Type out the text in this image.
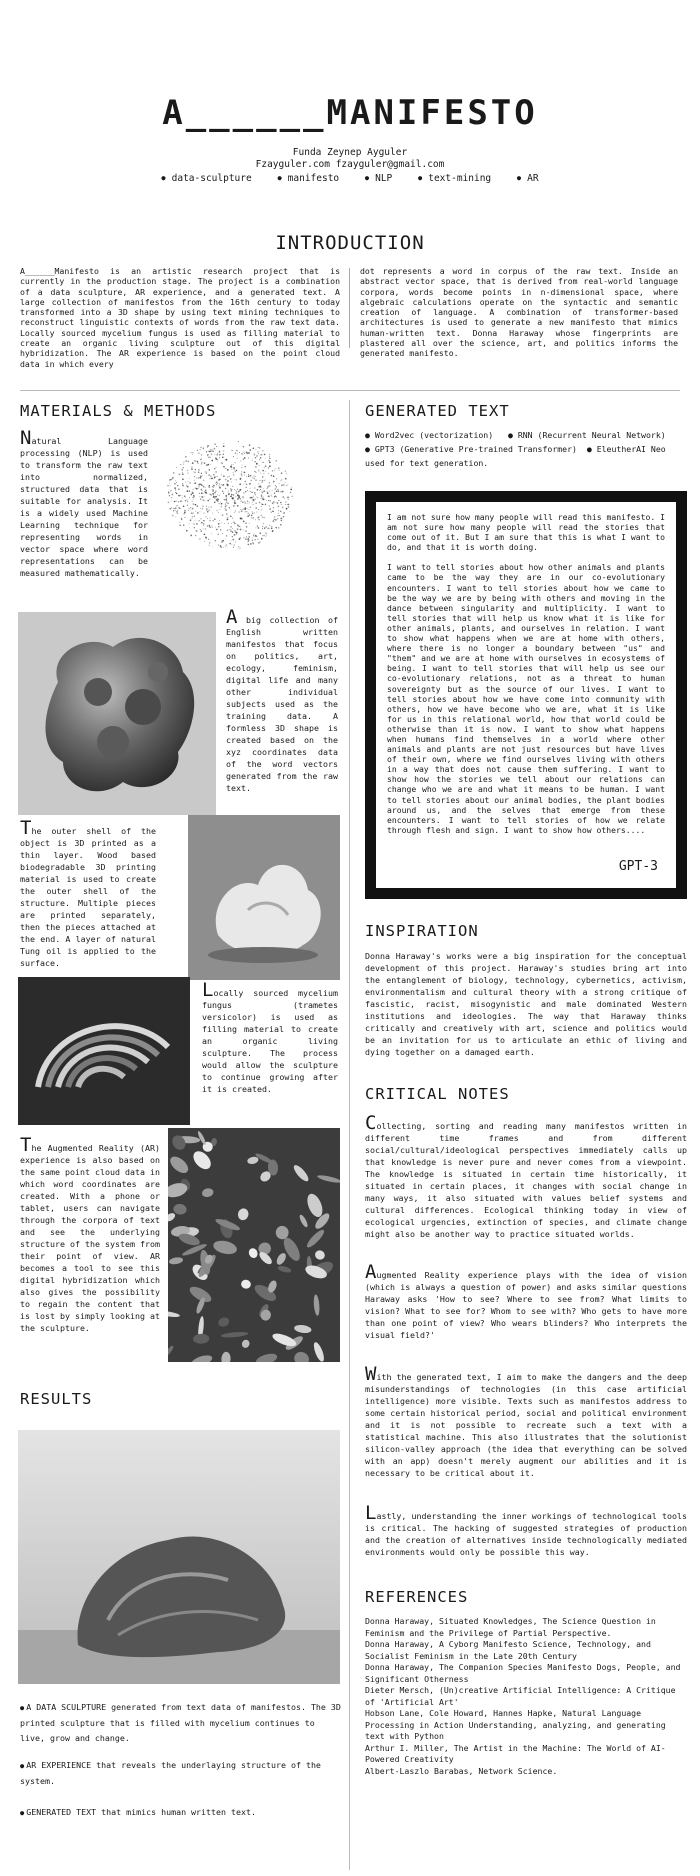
A______MANIFESTO
Funda Zeynep Ayguler
Fzayguler.com fzayguler@gmail.com
● data-sculpture	● manifesto	● NLP	● text-mining	● AR
INTRODUCTION
A______Manifesto is an artistic research project that is currently in the production stage. The project is a combination of a data sculpture, AR experience, and a generated text. A large collection of manifestos from the 16th century to today transformed into a 3D shape by using text mining techniques to reconstruct linguistic contexts of words from the raw text data. Locally sourced mycelium fungus is used as filling material to create an organic living sculpture out of this digital hybridization. The AR experience is based on the point cloud data in which every
dot represents a word in corpus of the raw text. Inside an abstract vector space, that is derived from real-world language corpora, words become points in n-dimensional space, where algebraic calculations operate on the syntactic and semantic creation of language. A combination of transformer-based architectures is used to generate a new manifesto that mimics human-written text. Donna Haraway whose fingerprints are plastered all over the science, art, and politics informs the generated manifesto.
MATERIALS & METHODS
Natural Language processing (NLP) is used to transform the raw text into normalized, structured data that is suitable for analysis. It is a widely used Machine Learning technique for representing words in vector space where word representations can be measured mathematically.
A big collection of English written manifestos that focus on politics, art, ecology, feminism, digital life and many other individual subjects used as the training data. A formless 3D shape is created based on the xyz coordinates data of the word vectors generated from the raw text.
The outer shell of the object is 3D printed as a thin layer. Wood based biodegradable 3D printing material is used to create the outer shell of the structure. Multiple pieces are printed separately, then the pieces attached at the end. A layer of natural Tung oil is applied to the surface.
Locally sourced mycelium fungus (trametes versicolor) is used as filling material to create an organic living sculpture. The process would allow the sculpture to continue growing after it is created.
The Augmented Reality (AR) experience is also based on the same point cloud data in which word coordinates are created. With a phone or tablet, users can navigate through the corpora of text and see the underlying structure of the system from their point of view. AR becomes a tool to see this digital hybridization which also gives the possibility to regain the content that is lost by simply looking at the sculpture.
RESULTS
● A DATA SCULPTURE generated from text data of manifestos. The 3D printed sculpture that is filled with mycelium continues to live, grow and change.
● AR EXPERIENCE that reveals the underlaying structure of the system.
● GENERATED TEXT that mimics human written text.
GENERATED TEXT
● Word2vec (vectorization) ● RNN (Recurrent Neural Network)
● GPT3 (Generative Pre-trained Transformer) ● EleutherAI Neo used for text generation.

I am not sure how many people will read this manifesto. I am not sure how many people will read the stories that come out of it. But I am sure that this is what I want to do, and that it is worth doing.

I want to tell stories about how other animals and plants came to be the way they are in our co-evolutionary encounters. I want to tell stories about how we came to be the way we are by being with others and moving in the dance between singularity and multiplicity. I want to tell stories that will help us know what it is like for other animals, plants, and ourselves in relation. I want to show what happens when we are at home with others, where there is no longer a boundary between "us" and "them" and we are at home with ourselves in ecosystems of being. I want to tell stories that will help us see our co-evolutionary relations, not as a threat to human sovereignty but as the source of our lives. I want to tell stories about how we have come into community with others, how we have become who we are, what it is like for us in this relational world, how that world could be otherwise than it is now. I want to show what happens when humans find themselves in a world where other animals and plants are not just resources but have lives of their own, where we find ourselves living with others in a way that does not cause them suffering. I want to show how the stories we tell about our relations can change who we are and what it means to be human. I want to tell stories about our animal bodies, the plant bodies around us, and the selves that emerge from these encounters. I want to tell stories of how we relate through flesh and sign. I want to show how others....

GPT-3
INSPIRATION
Donna Haraway's works were a big inspiration for the conceptual development of this project. Haraway's studies bring art into the entanglement of biology, technology, cybernetics, activism, environmentalism and cultural theory with a strong critique of fascistic, racist, misogynistic and male dominated Western institutions and ideologies. The way that Haraway thinks critically and creatively with art, science and politics would be an invitation for us to articulate an ethic of living and dying together on a damaged earth.
CRITICAL NOTES
Collecting, sorting and reading many manifestos written in different time frames and from different social/cultural/ideological perspectives immediately calls up that knowledge is never pure and never comes from a viewpoint. The knowledge is situated in certain time historically, it situated in certain places, it changes with social change in many ways, it also situated with values belief systems and cultural differences. Ecological thinking today in view of ecological urgencies, extinction of species, and climate change might also be another way to practice situated worlds.
Augmented Reality experience plays with the idea of vision (which is always a question of power) and asks similar questions Haraway asks 'How to see? Where to see from? What limits to vision? What to see for? Whom to see with? Who gets to have more than one point of view? Who wears blinders? Who interprets the visual field?'
With the generated text, I aim to make the dangers and the deep misunderstandings of technologies (in this case artificial intelligence) more visible. Texts such as manifestos address to some certain historical period, social and political environment and it is not possible to recreate such a text with a statistical machine. This also illustrates that the solutionist silicon-valley approach (the idea that everything can be solved with an app) doesn't merely augment our abilities and it is necessary to be critical about it.
Lastly, understanding the inner workings of technological tools is critical. The hacking of suggested strategies of production and the creation of alternatives inside technologically mediated environments would only be possible this way.
REFERENCES
Donna Haraway, Situated Knowledges, The Science Question in Feminism and the Privilege of Partial Perspective.
Donna Haraway, A Cyborg Manifesto Science, Technology, and Socialist Feminism in the Late 20th Century
Donna Haraway, The Companion Species Manifesto Dogs, People, and Significant Otherness
Dieter Mersch, (Un)creative Artificial Intelligence: A Critique of 'Artificial Art'
Hobson Lane, Cole Howard, Hannes Hapke, Natural Language Processing in Action Understanding, analyzing, and generating text with Python
Arthur I. Miller, The Artist in the Machine: The World of AI-Powered Creativity
Albert-Laszlo Barabas, Network Science.
